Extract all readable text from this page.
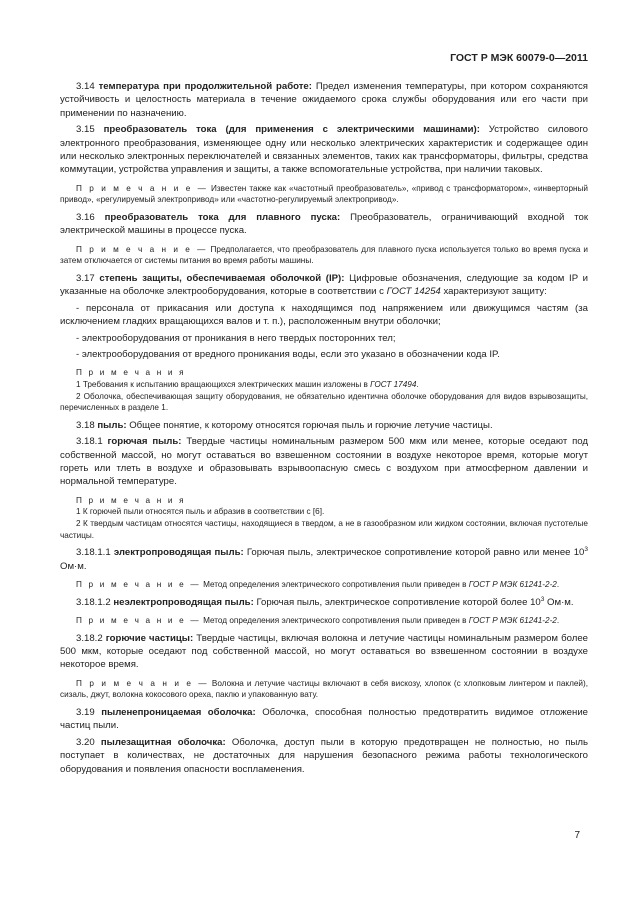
ГОСТ Р МЭК 60079-0—2011

3.14 температура при продолжительной работе: Предел изменения температуры, при котором сохраняются устойчивость и целостность материала в течение ожидаемого срока службы оборудования или его части при применении по назначению.

3.15 преобразователь тока (для применения с электрическими машинами): Устройство силового электронного преобразования, изменяющее одну или несколько электрических характеристик и содержащее один или несколько электронных переключателей и связанных элементов, таких как трансформаторы, фильтры, средства коммутации, устройства управления и защиты, а также вспомогательные устройства, при наличии таковых.

П р и м е ч а н и е — Известен также как «частотный преобразователь», «привод с трансформатором», «инверторный привод», «регулируемый электропривод» или «частотно-регулируемый электропривод».

3.16 преобразователь тока для плавного пуска: Преобразователь, ограничивающий входной ток электрической машины в процессе пуска.

П р и м е ч а н и е — Предполагается, что преобразователь для плавного пуска используется только во время пуска и затем отключается от системы питания во время работы машины.

3.17 степень защиты, обеспечиваемая оболочкой (IP): Цифровые обозначения, следующие за кодом IP и указанные на оболочке электрооборудования, которые в соответствии с ГОСТ 14254 характеризуют защиту:

- персонала от прикасания или доступа к находящимся под напряжением или движущимся частям (за исключением гладких вращающихся валов и т. п.), расположенным внутри оболочки;

- электрооборудования от проникания в него твердых посторонних тел;

- электрооборудования от вредного проникания воды, если это указано в обозначении кода IP.

П р и м е ч а н и я

1 Требования к испытанию вращающихся электрических машин изложены в ГОСТ 17494.

2 Оболочка, обеспечивающая защиту оборудования, не обязательно идентична оболочке оборудования для видов взрывозащиты, перечисленных в разделе 1.

3.18 пыль: Общее понятие, к которому относятся горючая пыль и горючие летучие частицы.

3.18.1 горючая пыль: Твердые частицы номинальным размером 500 мкм или менее, которые оседают под собственной массой, но могут оставаться во взвешенном состоянии в воздухе некоторое время, которые могут гореть или тлеть в воздухе и образовывать взрывоопасную смесь с воздухом при атмосферном давлении и нормальной температуре.

П р и м е ч а н и я

1 К горючей пыли относятся пыль и абразив в соответствии с [6].

2 К твердым частицам относятся частицы, находящиеся в твердом, а не в газообразном или жидком состоянии, включая пустотелые частицы.

3.18.1.1 электропроводящая пыль: Горючая пыль, электрическое сопротивление которой равно или менее $10^3$ Ом·м.

П р и м е ч а н и е — Метод определения электрического сопротивления пыли приведен в ГОСТ Р МЭК 61241-2-2.

3.18.1.2 неэлектропроводящая пыль: Горючая пыль, электрическое сопротивление которой более $10^3$ Ом·м.

П р и м е ч а н и е — Метод определения электрического сопротивления пыли приведен в ГОСТ Р МЭК 61241-2-2.

3.18.2 горючие частицы: Твердые частицы, включая волокна и летучие частицы номинальным размером более 500 мкм, которые оседают под собственной массой, но могут оставаться во взвешенном состоянии в воздухе некоторое время.

П р и м е ч а н и е — Волокна и летучие частицы включают в себя вискозу, хлопок (с хлопковым линтером и паклей), сизаль, джут, волокна кокосового ореха, паклю и упакованную вату.

3.19 пыленепроницаемая оболочка: Оболочка, способная полностью предотвратить видимое отложение частиц пыли.

3.20 пылезащитная оболочка: Оболочка, доступ пыли в которую предотвращен не полностью, но пыль поступает в количествах, не достаточных для нарушения безопасного режима работы технологического оборудования и появления опасности воспламенения.

7
